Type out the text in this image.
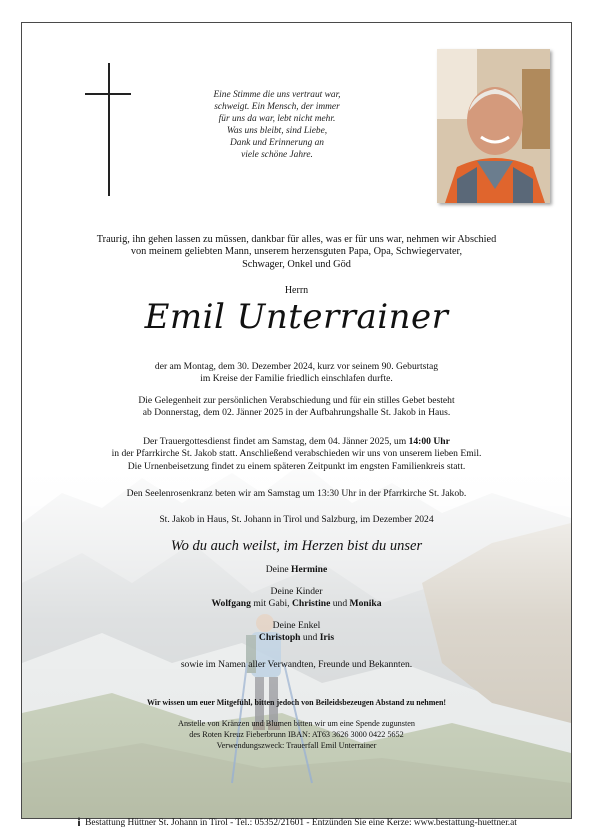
Eine Stimme die uns vertraut war,
schweigt. Ein Mensch, der immer
für uns da war, lebt nicht mehr.
Was uns bleibt, sind Liebe,
Dank und Erinnerung an
viele schöne Jahre.
Traurig, ihn gehen lassen zu müssen, dankbar für alles, was er für uns war, nehmen wir Abschied
von meinem geliebten Mann, unserem herzensguten Papa, Opa, Schwiegervater,
Schwager, Onkel und Göd
Herrn
Emil Unterrainer
der am Montag, dem 30. Dezember 2024, kurz vor seinem 90. Geburtstag
im Kreise der Familie friedlich einschlafen durfte.
Die Gelegenheit zur persönlichen Verabschiedung und für ein stilles Gebet besteht
ab Donnerstag, dem 02. Jänner 2025 in der Aufbahrungshalle St. Jakob in Haus.
Der Trauergottesdienst findet am Samstag, dem 04. Jänner 2025, um 14:00 Uhr
in der Pfarrkirche St. Jakob statt. Anschließend verabschieden wir uns von unserem lieben Emil.
Die Urnenbeisetzung findet zu einem späteren Zeitpunkt im engsten Familienkreis statt.
Den Seelenrosenkranz beten wir am Samstag um 13:30 Uhr in der Pfarrkirche St. Jakob.
St. Jakob in Haus, St. Johann in Tirol und Salzburg, im Dezember 2024
Wo du auch weilst, im Herzen bist du unser
Deine Hermine
Deine Kinder
Wolfgang mit Gabi, Christine und Monika
Deine Enkel
Christoph und Iris
sowie im Namen aller Verwandten, Freunde und Bekannten.
Wir wissen um euer Mitgefühl, bitten jedoch von Beileidsbezeugen Abstand zu nehmen!
Anstelle von Kränzen und Blumen bitten wir um eine Spende zugunsten
des Roten Kreuz Fieberbrunn IBAN: AT63 3626 3000 0422 5652
Verwendungszweck: Trauerfall Emil Unterrainer
Bestattung Hüttner St. Johann in Tirol - Tel.: 05352/21601 - Entzünden Sie eine Kerze: www.bestattung-huettner.at
